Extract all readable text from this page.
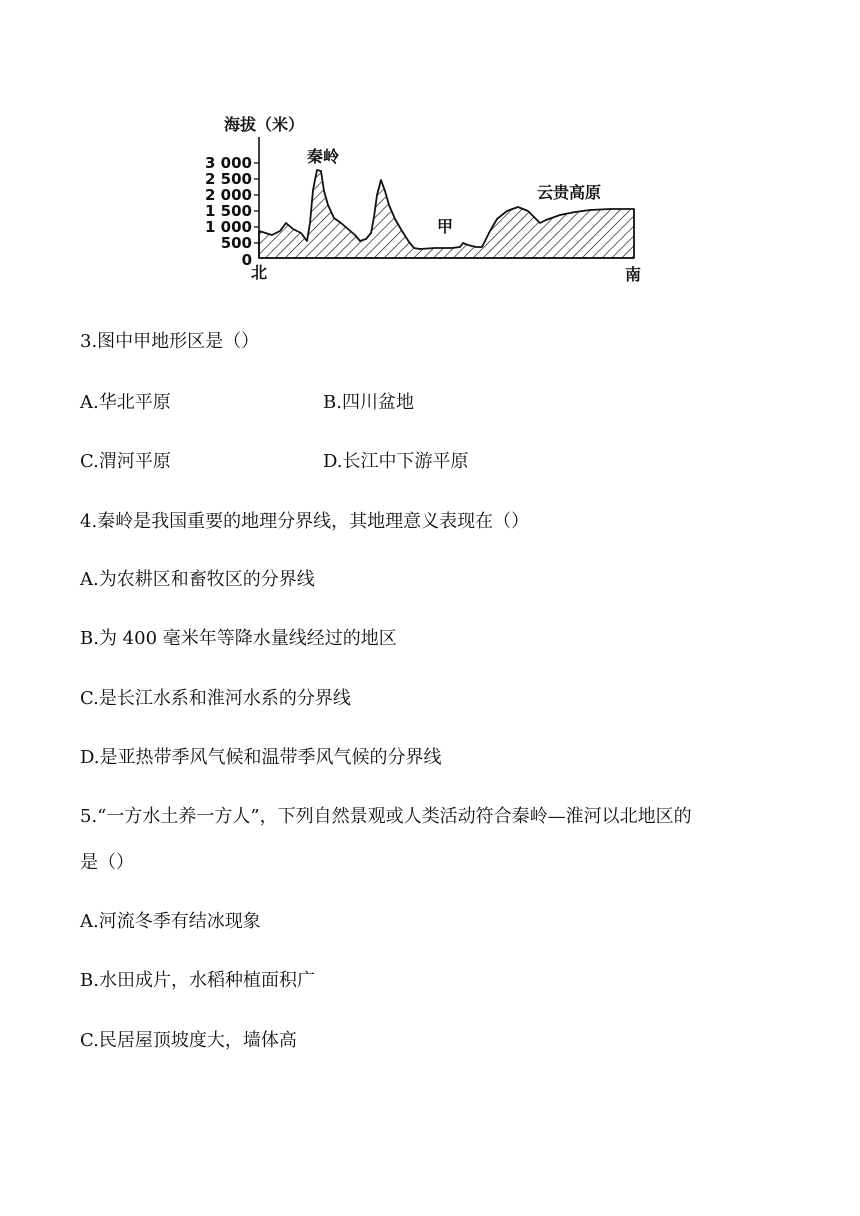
海拔（米）
3 000
2 500
2 000
1 500
1 000
500
0
秦岭
甲
云贵高原
北	南
3.图中甲地形区是（）
A.华北平原	B.四川盆地
C.渭河平原	D.长江中下游平原
4.秦岭是我国重要的地理分界线，其地理意义表现在（）
A.为农耕区和畜牧区的分界线
B.为 400 毫米年等降水量线经过的地区
C.是长江水系和淮河水系的分界线
D.是亚热带季风气候和温带季风气候的分界线
5.“一方水土养一方人”，下列自然景观或人类活动符合秦岭—淮河以北地区的
是（）
A.河流冬季有结冰现象
B.水田成片，水稻种植面积广
C.民居屋顶坡度大，墙体高
